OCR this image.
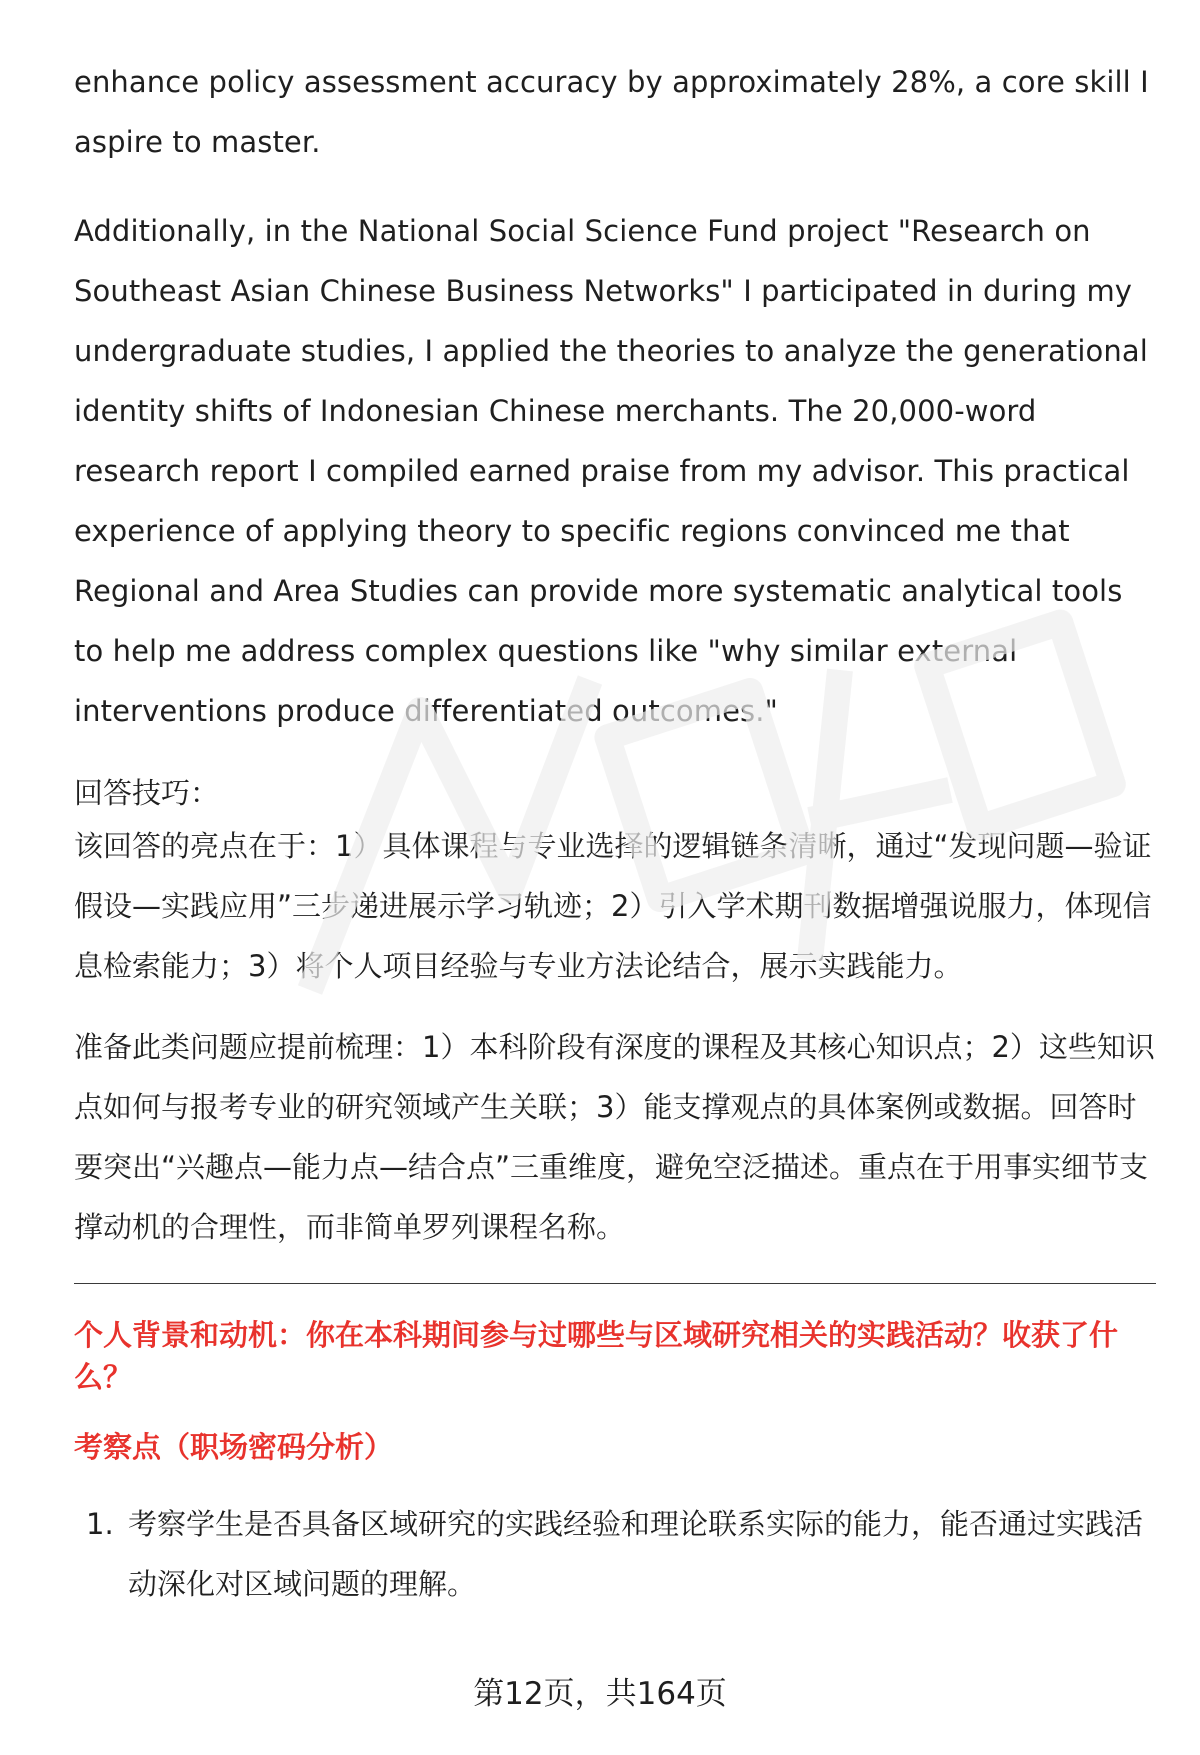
enhance policy assessment accuracy by approximately 28%, a core skill I aspire to master.

Additionally, in the National Social Science Fund project "Research on Southeast Asian Chinese Business Networks" I participated in during my undergraduate studies, I applied the theories to analyze the generational identity shifts of Indonesian Chinese merchants. The 20,000-word research report I compiled earned praise from my advisor. This practical experience of applying theory to specific regions convinced me that Regional and Area Studies can provide more systematic analytical tools to help me address complex questions like "why similar external interventions produce differentiated outcomes."

回答技巧：

该回答的亮点在于：1）具体课程与专业选择的逻辑链条清晰，通过“发现问题—验证假设—实践应用”三步递进展示学习轨迹；2）引入学术期刊数据增强说服力，体现信息检索能力；3）将个人项目经验与专业方法论结合，展示实践能力。

准备此类问题应提前梳理：1）本科阶段有深度的课程及其核心知识点；2）这些知识点如何与报考专业的研究领域产生关联；3）能支撑观点的具体案例或数据。回答时要突出“兴趣点—能力点—结合点”三重维度，避免空泛描述。重点在于用事实细节支撑动机的合理性，而非简单罗列课程名称。

个人背景和动机：你在本科期间参与过哪些与区域研究相关的实践活动？收获了什么？

考察点（职场密码分析）

1. 考察学生是否具备区域研究的实践经验和理论联系实际的能力，能否通过实践活动深化对区域问题的理解。
第12页，共164页
